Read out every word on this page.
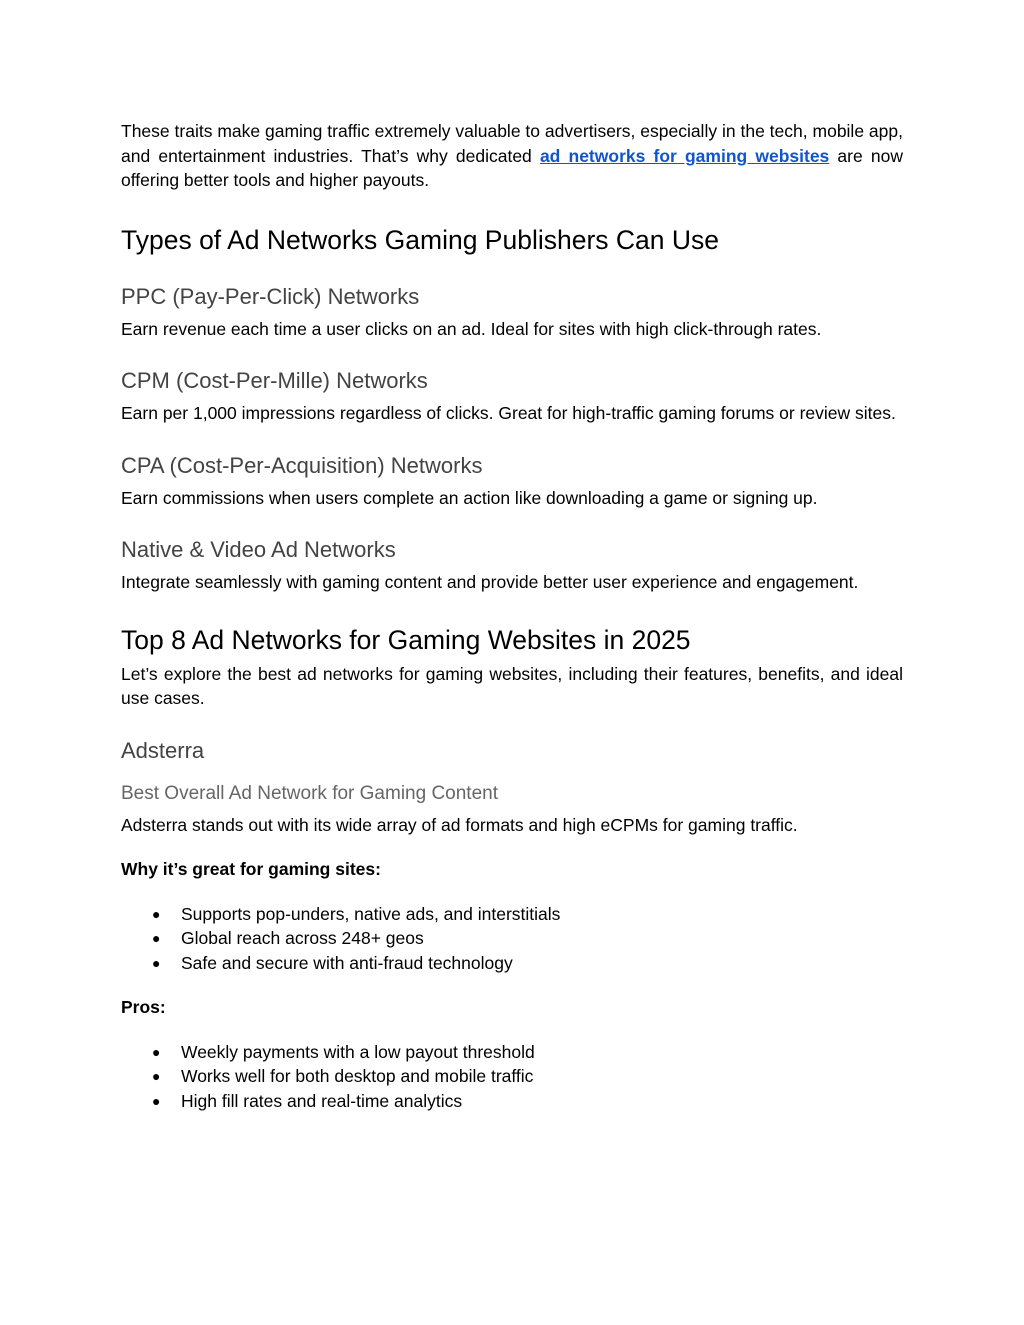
These traits make gaming traffic extremely valuable to advertisers, especially in the tech, mobile app, and entertainment industries. That’s why dedicated ad networks for gaming websites are now offering better tools and higher payouts.

Types of Ad Networks Gaming Publishers Can Use
PPC (Pay-Per-Click) Networks

Earn revenue each time a user clicks on an ad. Ideal for sites with high click-through rates.

CPM (Cost-Per-Mille) Networks

Earn per 1,000 impressions regardless of clicks. Great for high-traffic gaming forums or review sites.

CPA (Cost-Per-Acquisition) Networks

Earn commissions when users complete an action like downloading a game or signing up.

Native & Video Ad Networks

Integrate seamlessly with gaming content and provide better user experience and engagement.

Top 8 Ad Networks for Gaming Websites in 2025

Let’s explore the best ad networks for gaming websites, including their features, benefits, and ideal use cases.

Adsterra
Best Overall Ad Network for Gaming Content

Adsterra stands out with its wide array of ad formats and high eCPMs for gaming traffic.

Why it’s great for gaming sites:

● Supports pop-unders, native ads, and interstitials
● Global reach across 248+ geos
● Safe and secure with anti-fraud technology

Pros:

● Weekly payments with a low payout threshold
● Works well for both desktop and mobile traffic
● High fill rates and real-time analytics
